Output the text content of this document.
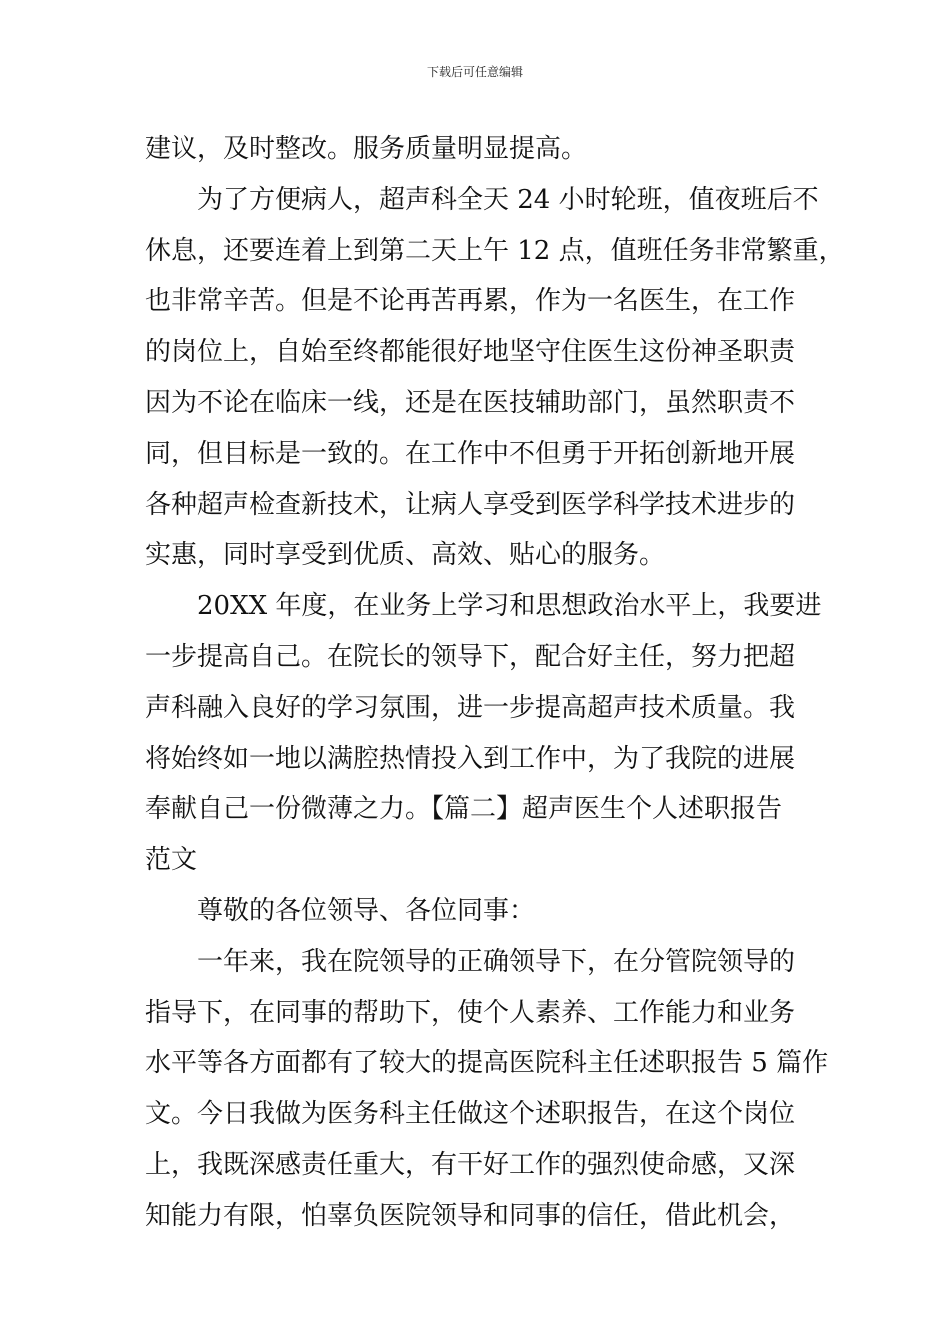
下载后可任意编辑
建议，及时整改。服务质量明显提高。
为了方便病人，超声科全天 24 小时轮班，值夜班后不
休息，还要连着上到第二天上午 12 点，值班任务非常繁重，
也非常辛苦。但是不论再苦再累，作为一名医生，在工作
的岗位上，自始至终都能很好地坚守住医生这份神圣职责
因为不论在临床一线，还是在医技辅助部门，虽然职责不
同，但目标是一致的。在工作中不但勇于开拓创新地开展
各种超声检查新技术，让病人享受到医学科学技术进步的
实惠，同时享受到优质、高效、贴心的服务。
20XX 年度，在业务上学习和思想政治水平上，我要进
一步提高自己。在院长的领导下，配合好主任，努力把超
声科融入良好的学习氛围，进一步提高超声技术质量。我
将始终如一地以满腔热情投入到工作中，为了我院的进展
奉献自己一份微薄之力。【篇二】超声医生个人述职报告
范文
尊敬的各位领导、各位同事：
一年来，我在院领导的正确领导下，在分管院领导的
指导下，在同事的帮助下，使个人素养、工作能力和业务
水平等各方面都有了较大的提高医院科主任述职报告 5 篇作
文。今日我做为医务科主任做这个述职报告，在这个岗位
上，我既深感责任重大，有干好工作的强烈使命感，又深
知能力有限，怕辜负医院领导和同事的信任，借此机会，
